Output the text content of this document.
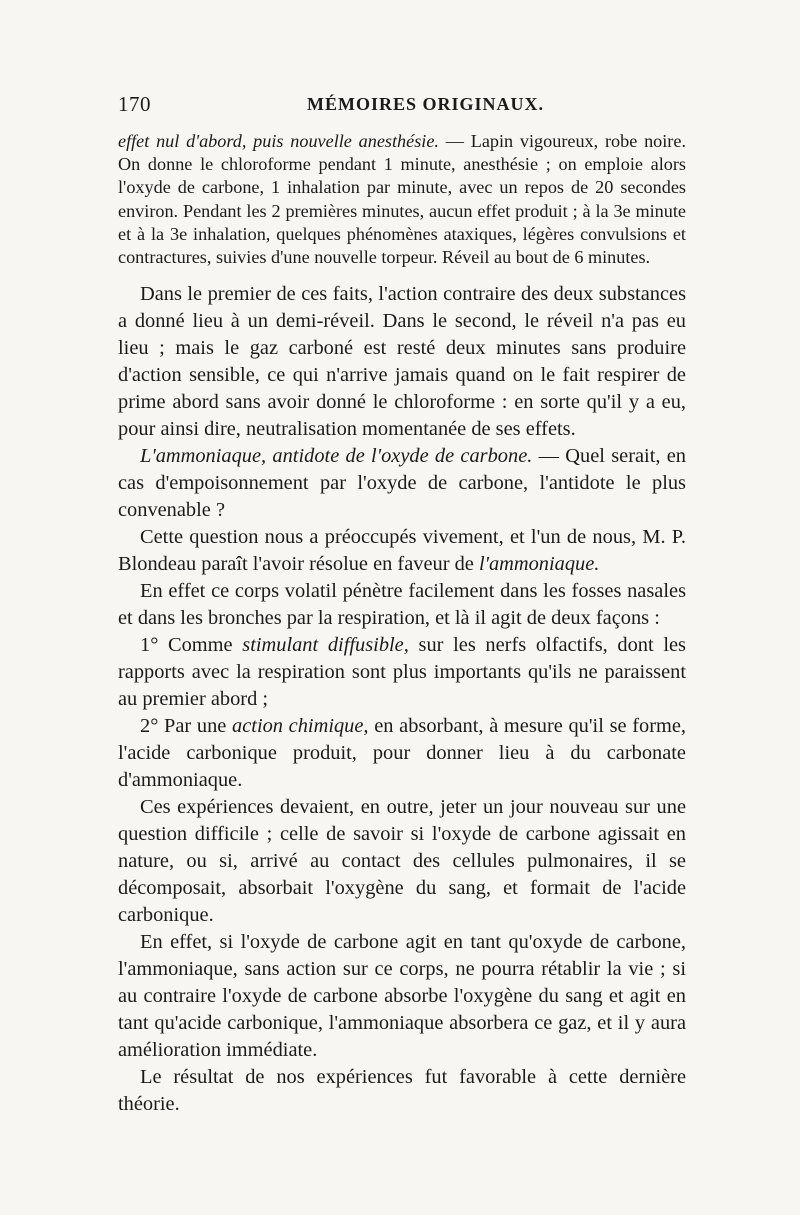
170	MÉMOIRES ORIGINAUX.
effet nul d'abord, puis nouvelle anesthésie. — Lapin vigoureux, robe noire. On donne le chloroforme pendant 1 minute, anesthésie ; on emploie alors l'oxyde de carbone, 1 inhalation par minute, avec un repos de 20 secondes environ. Pendant les 2 premières minutes, aucun effet produit ; à la 3e minute et à la 3e inhalation, quelques phénomènes ataxiques, légères convulsions et contractures, suivies d'une nouvelle torpeur. Réveil au bout de 6 minutes.

Dans le premier de ces faits, l'action contraire des deux substances a donné lieu à un demi-réveil. Dans le second, le réveil n'a pas eu lieu ; mais le gaz carboné est resté deux minutes sans produire d'action sensible, ce qui n'arrive jamais quand on le fait respirer de prime abord sans avoir donné le chloroforme : en sorte qu'il y a eu, pour ainsi dire, neutralisation momentanée de ses effets.

L'ammoniaque, antidote de l'oxyde de carbone. — Quel serait, en cas d'empoisonnement par l'oxyde de carbone, l'antidote le plus convenable ?

Cette question nous a préoccupés vivement, et l'un de nous, M. P. Blondeau paraît l'avoir résolue en faveur de l'ammoniaque.

En effet ce corps volatil pénètre facilement dans les fosses nasales et dans les bronches par la respiration, et là il agit de deux façons :

1° Comme stimulant diffusible, sur les nerfs olfactifs, dont les rapports avec la respiration sont plus importants qu'ils ne paraissent au premier abord ;

2° Par une action chimique, en absorbant, à mesure qu'il se forme, l'acide carbonique produit, pour donner lieu à du carbonate d'ammoniaque.

Ces expériences devaient, en outre, jeter un jour nouveau sur une question difficile ; celle de savoir si l'oxyde de carbone agissait en nature, ou si, arrivé au contact des cellules pulmonaires, il se décomposait, absorbait l'oxygène du sang, et formait de l'acide carbonique.

En effet, si l'oxyde de carbone agit en tant qu'oxyde de carbone, l'ammoniaque, sans action sur ce corps, ne pourra rétablir la vie ; si au contraire l'oxyde de carbone absorbe l'oxygène du sang et agit en tant qu'acide carbonique, l'ammoniaque absorbera ce gaz, et il y aura amélioration immédiate.

Le résultat de nos expériences fut favorable à cette dernière théorie.
